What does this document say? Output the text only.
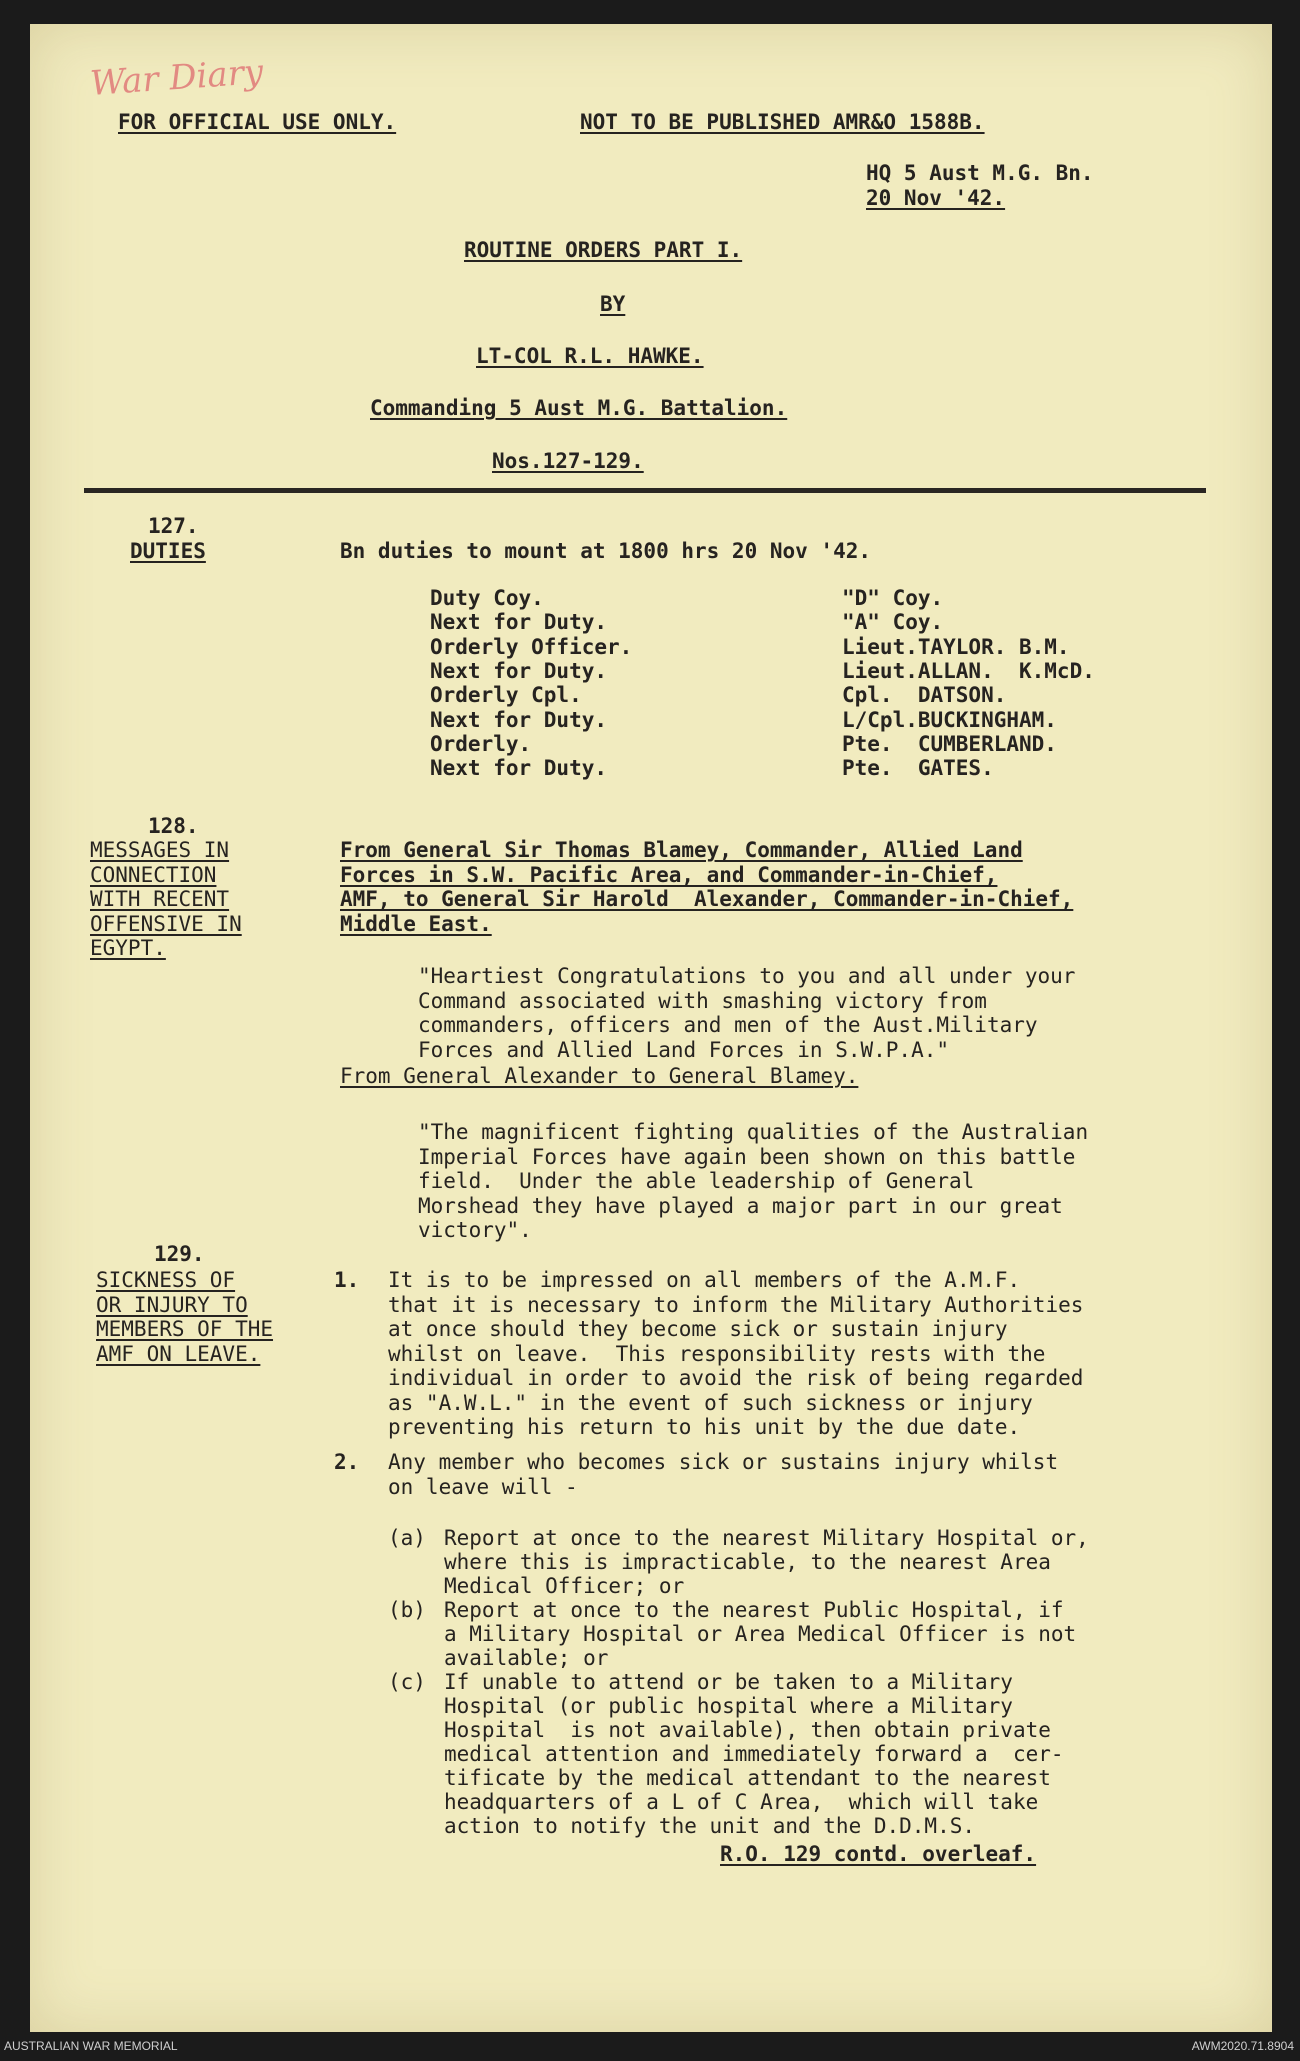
War Diary
FOR OFFICIAL USE ONLY.	NOT TO BE PUBLISHED AMR&O 1588B.
HQ 5 Aust M.G. Bn.
20 Nov '42.
ROUTINE ORDERS PART I.
BY
LT-COL R.L. HAWKE.
Commanding 5 Aust M.G. Battalion.
Nos.127-129.
127.
DUTIES	Bn duties to mount at 1800 hrs 20 Nov '42.
Duty Coy.	"D" Coy.
Next for Duty.	"A" Coy.
Orderly Officer.	Lieut.TAYLOR. B.M.
Next for Duty.	Lieut.ALLAN.  K.McD.
Orderly Cpl.	Cpl.  DATSON.
Next for Duty.	L/Cpl.BUCKINGHAM.
Orderly.	Pte.  CUMBERLAND.
Next for Duty.	Pte.  GATES.
128.
MESSAGES IN
CONNECTION
WITH RECENT
OFFENSIVE IN
EGYPT.
From General Sir Thomas Blamey, Commander, Allied Land
Forces in S.W. Pacific Area, and Commander-in-Chief,
AMF, to General Sir Harold  Alexander, Commander-in-Chief,
Middle East.
"Heartiest Congratulations to you and all under your
Command associated with smashing victory from
commanders, officers and men of the Aust.Military
Forces and Allied Land Forces in S.W.P.A."
From General Alexander to General Blamey.
"The magnificent fighting qualities of the Australian
Imperial Forces have again been shown on this battle
field.  Under the able leadership of General
Morshead they have played a major part in our great
victory".
129.
SICKNESS OF
OR INJURY TO
MEMBERS OF THE
AMF ON LEAVE.
1. It is to be impressed on all members of the A.M.F.
that it is necessary to inform the Military Authorities
at once should they become sick or sustain injury
whilst on leave.  This responsibility rests with the
individual in order to avoid the risk of being regarded
as "A.W.L." in the event of such sickness or injury
preventing his return to his unit by the due date.
2. Any member who becomes sick or sustains injury whilst
on leave will -
(a) Report at once to the nearest Military Hospital or,
where this is impracticable, to the nearest Area
Medical Officer; or
(b) Report at once to the nearest Public Hospital, if
a Military Hospital or Area Medical Officer is not
available; or
(c) If unable to attend or be taken to a Military
Hospital (or public hospital where a Military
Hospital  is not available), then obtain private
medical attention and immediately forward a  cer-
tificate by the medical attendant to the nearest
headquarters of a L of C Area,  which will take
action to notify the unit and the D.D.M.S.
R.O. 129 contd. overleaf.
AUSTRALIAN WAR MEMORIAL	AWM2020.71.8904
